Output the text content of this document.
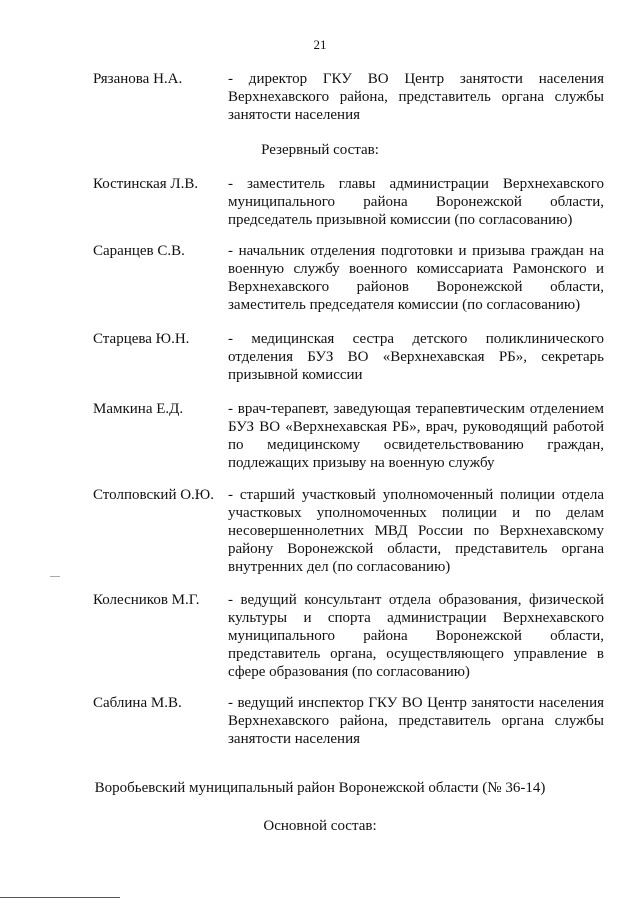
21
Рязанова Н.А.	- директор ГКУ ВО Центр занятости населения Верхнехавского района, представитель органа службы занятости населения
Резервный состав:
Костинская Л.В.	- заместитель главы администрации Верхнехавского муниципального района Воронежской области, председатель призывной комиссии (по согласованию)
Саранцев С.В.	- начальник отделения подготовки и призыва граждан на военную службу военного комиссариата Рамонского и Верхнехавского районов Воронежской области, заместитель председателя комиссии (по согласованию)
Старцева Ю.Н.	- медицинская сестра детского поликлинического отделения БУЗ ВО «Верхнехавская РБ», секретарь призывной комиссии
Мамкина Е.Д.	- врач-терапевт, заведующая терапевтическим отделением БУЗ ВО «Верхнехавская РБ», врач, руководящий работой по медицинскому освидетельствованию граждан, подлежащих призыву на военную службу
Столповский О.Ю. - старший участковый уполномоченный полиции отдела участковых уполномоченных полиции и по делам несовершеннолетних МВД России по Верхнехавскому району Воронежской области, представитель органа внутренних дел (по согласованию)
Колесников М.Г.	- ведущий консультант отдела образования, физической культуры и спорта администрации Верхнехавского муниципального района Воронежской области, представитель органа, осуществляющего управление в сфере образования (по согласованию)
Саблина М.В.	- ведущий инспектор ГКУ ВО Центр занятости населения Верхнехавского района, представитель органа службы занятости населения
Воробьевский муниципальный район Воронежской области (№ 36-14)
Основной состав:
